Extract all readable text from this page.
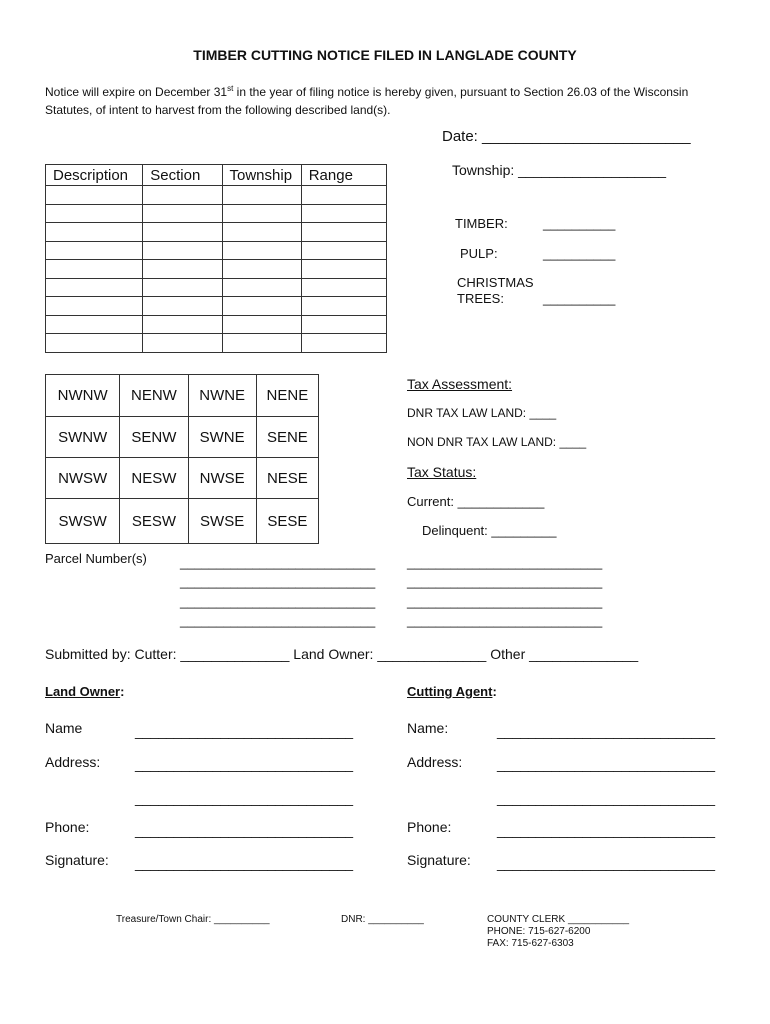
TIMBER CUTTING NOTICE FILED IN LANGLADE COUNTY
Notice will expire on December 31st in the year of filing notice is hereby given, pursuant to Section 26.03 of the Wisconsin Statutes, of intent to harvest from the following described land(s).
Date: _________________________
Description	Section	Township	Range

				Township: ___________________
TIMBER:	__________
PULP:	__________
CHRISTMAS
TREES:	__________
NWNW	NENW	NWNE	NENE
SWNW	SENW	SWNE	SENE
NWSW	NESW	NWSE	NESE
SWSW	SESW	SWSE	SESE
Tax Assessment:
DNR TAX LAW LAND: ____
NON DNR TAX LAW LAND: ____
Tax Status:
Current: ____________
Delinquent: _________
Parcel Number(s)	___________________________
___________________________
___________________________
___________________________
___________________________
___________________________
___________________________
___________________________
Submitted by: Cutter: ______________ Land Owner: ______________ Other ______________
Land Owner:
Name	____________________________
Address: ____________________________
____________________________
Phone:	____________________________
Signature: ____________________________
Cutting Agent:
Name:	____________________________
Address: ____________________________
____________________________
Phone:	____________________________
Signature: ____________________________
Treasure/Town Chair: __________	DNR: __________	COUNTY CLERK ___________
PHONE: 715-627-6200
FAX: 715-627-6303
